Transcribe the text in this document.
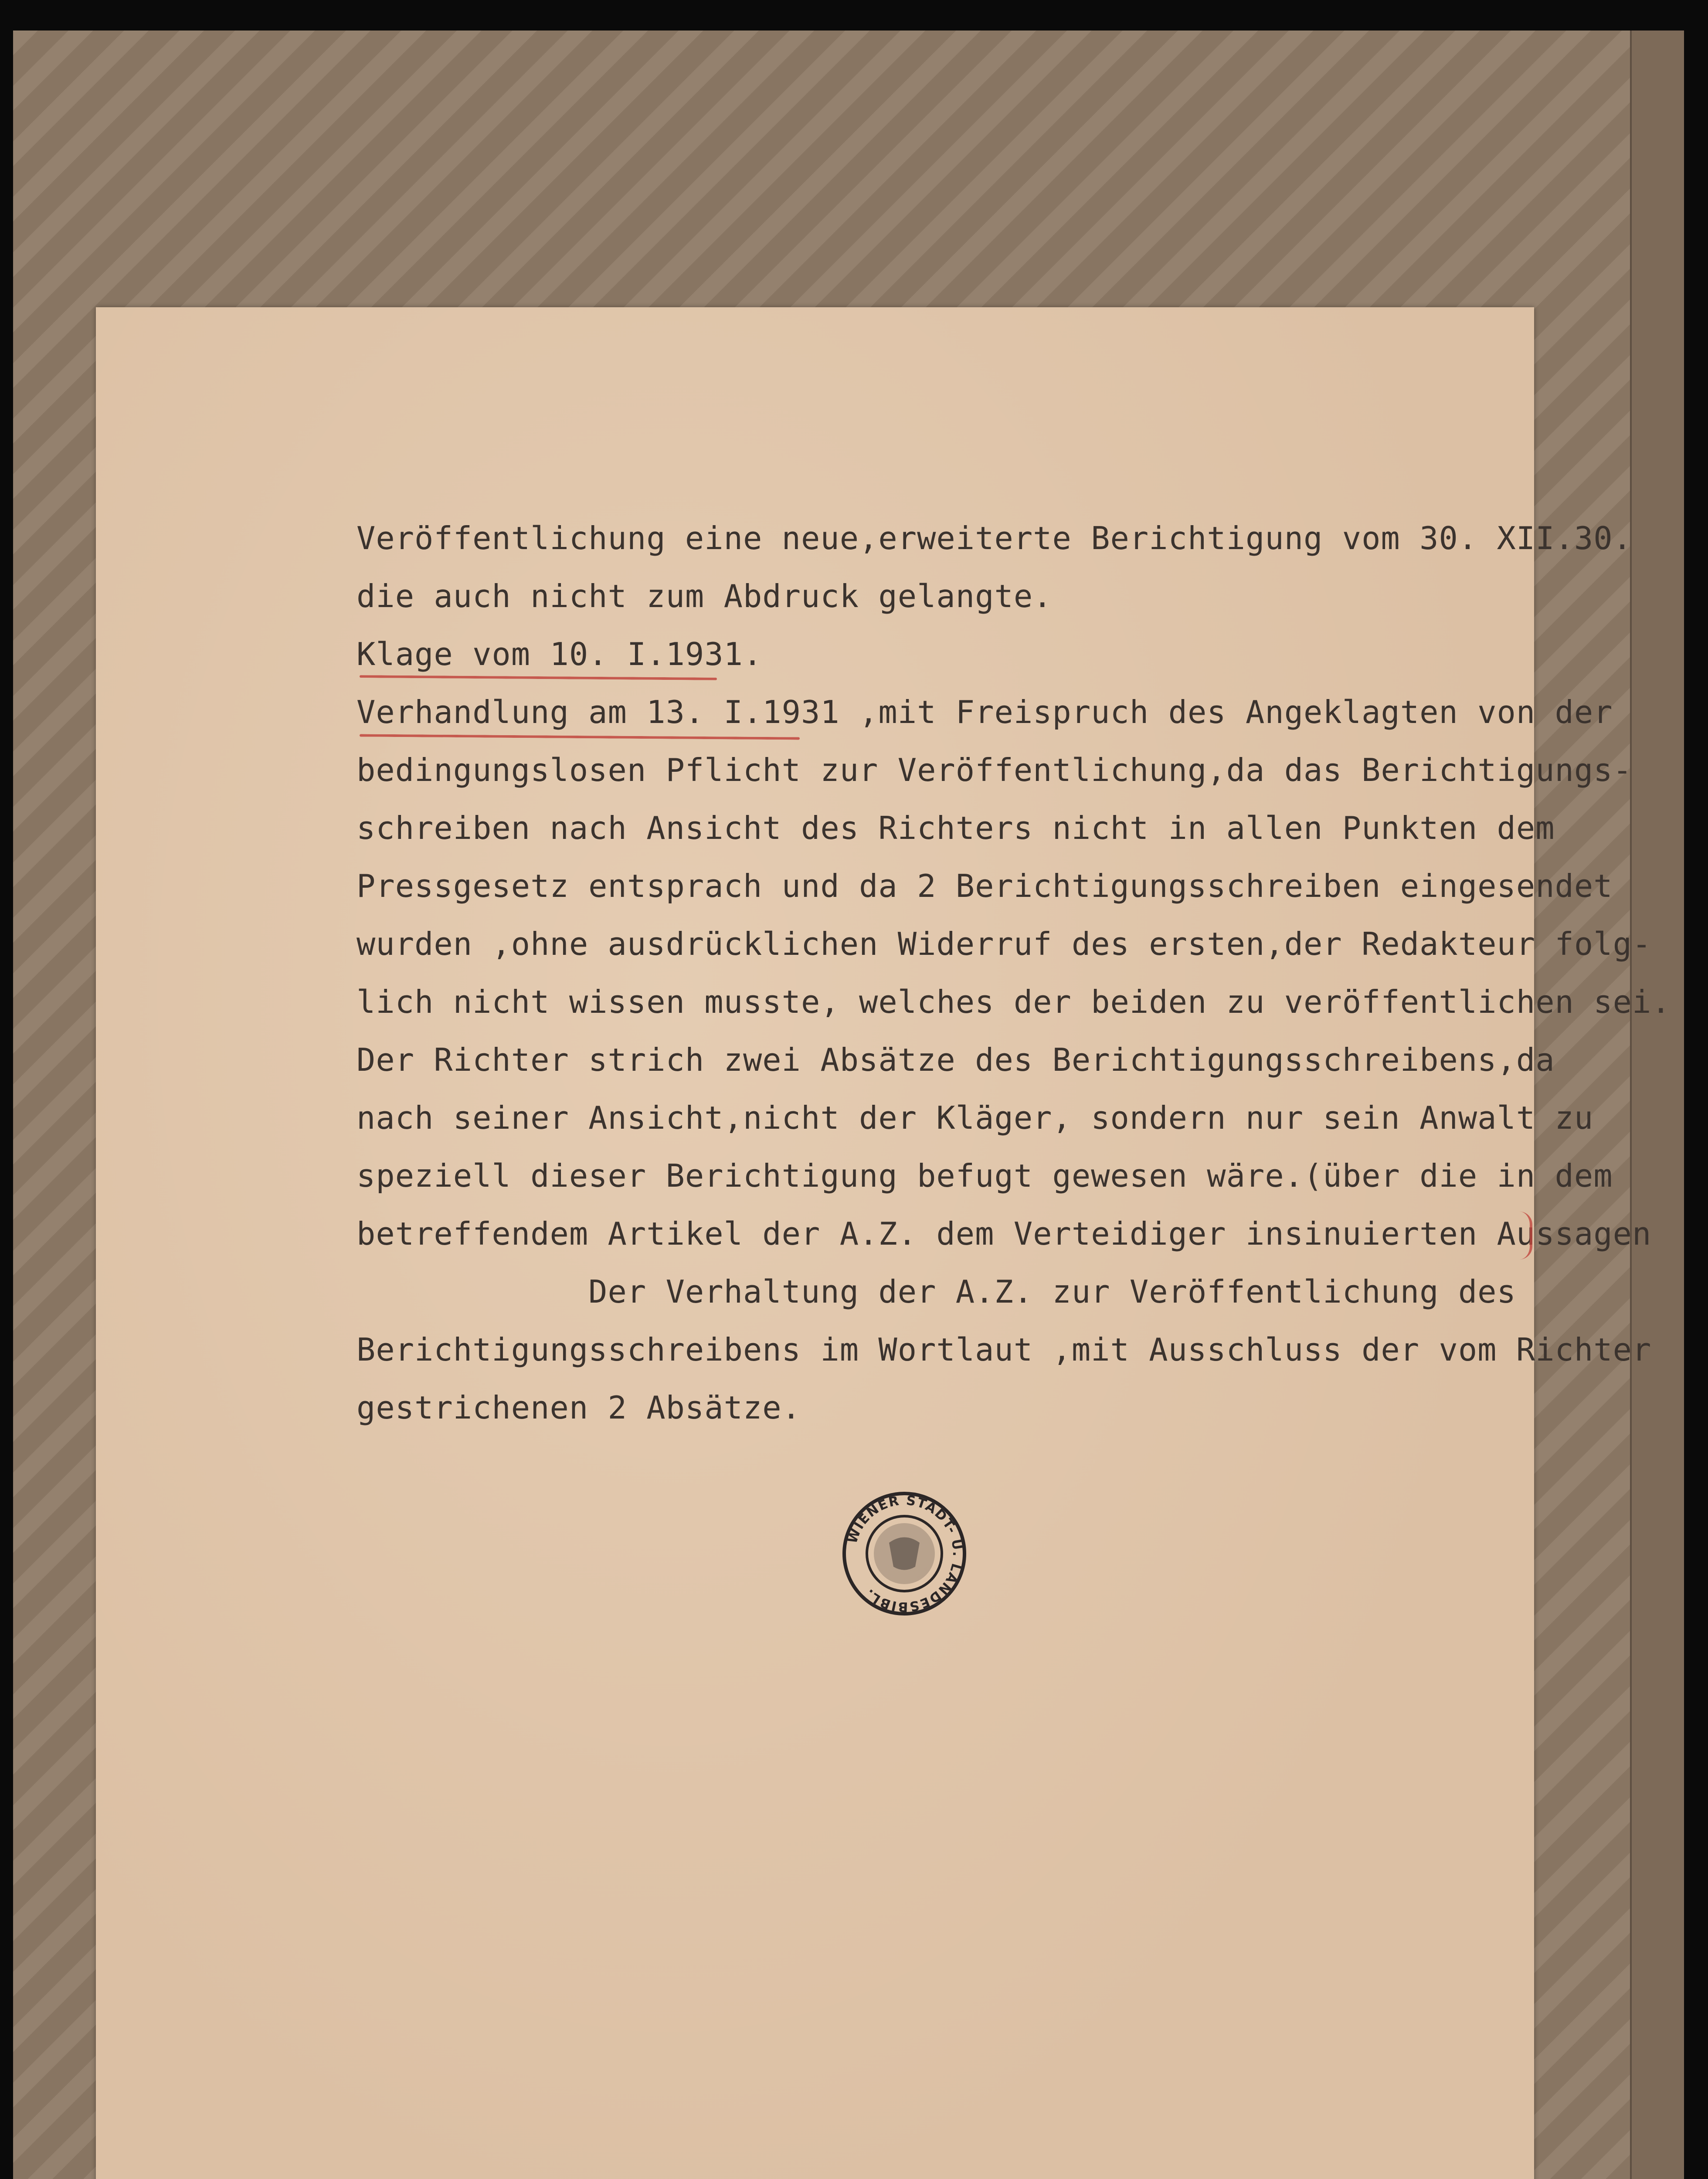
Veröffentlichung eine neue,erweiterte Berichtigung vom 30. XII.30.
die auch nicht zum Abdruck gelangte.
Klage vom 10. I.1931.
Verhandlung am 13. I.1931 ,mit Freispruch des Angeklagten von der
bedingungslosen Pflicht zur Veröffentlichung,da das Berichtigungs-
schreiben nach Ansicht des Richters nicht in allen Punkten dem
Pressgesetz entsprach und da 2 Berichtigungsschreiben eingesendet
wurden ,ohne ausdrücklichen Widerruf des ersten,der Redakteur folg-
lich nicht wissen musste, welches der beiden zu veröffentlichen sei.
Der Richter strich zwei Absätze des Berichtigungsschreibens,da
nach seiner Ansicht,nicht der Kläger, sondern nur sein Anwalt zu
speziell dieser Berichtigung befugt gewesen wäre.(über die in dem
betreffendem Artikel der A.Z. dem Verteidiger insinuierten Aussagen
Der Verhaltung der A.Z. zur Veröffentlichung des
Berichtigungsschreibens im Wortlaut ,mit Ausschluss der vom Richter
gestrichenen 2 Absätze.
WIENER STADT- U. LANDESBIBL.
